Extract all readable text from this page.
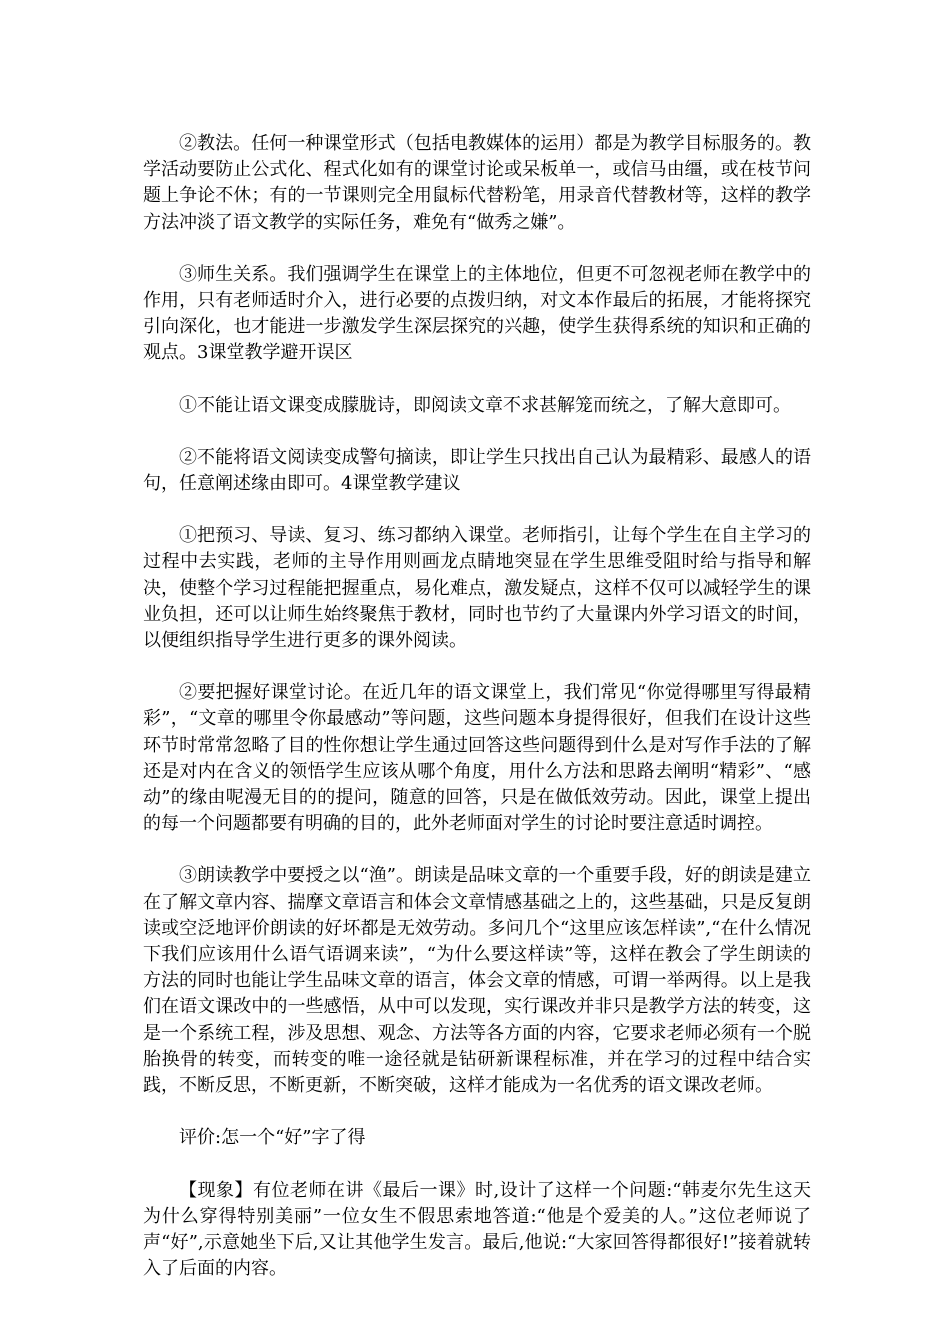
②教法。任何一种课堂形式（包括电教媒体的运用）都是为教学目标服务的。教学活动要防止公式化、程式化如有的课堂讨论或呆板单一，或信马由缰，或在枝节问题上争论不休；有的一节课则完全用鼠标代替粉笔，用录音代替教材等，这样的教学方法冲淡了语文教学的实际任务，难免有“做秀之嫌”。

③师生关系。我们强调学生在课堂上的主体地位，但更不可忽视老师在教学中的作用，只有老师适时介入，进行必要的点拨归纳，对文本作最后的拓展，才能将探究引向深化，也才能进一步激发学生深层探究的兴趣，使学生获得系统的知识和正确的观点。3课堂教学避开误区

①不能让语文课变成朦胧诗，即阅读文章不求甚解笼而统之，了解大意即可。

②不能将语文阅读变成警句摘读，即让学生只找出自己认为最精彩、最感人的语句，任意阐述缘由即可。4课堂教学建议

①把预习、导读、复习、练习都纳入课堂。老师指引，让每个学生在自主学习的过程中去实践，老师的主导作用则画龙点睛地突显在学生思维受阻时给与指导和解决，使整个学习过程能把握重点，易化难点，激发疑点，这样不仅可以减轻学生的课业负担，还可以让师生始终聚焦于教材，同时也节约了大量课内外学习语文的时间，以便组织指导学生进行更多的课外阅读。

②要把握好课堂讨论。在近几年的语文课堂上，我们常见“你觉得哪里写得最精彩”，“文章的哪里令你最感动”等问题，这些问题本身提得很好，但我们在设计这些环节时常常忽略了目的性你想让学生通过回答这些问题得到什么是对写作手法的了解还是对内在含义的领悟学生应该从哪个角度，用什么方法和思路去阐明“精彩”、“感动”的缘由呢漫无目的的提问，随意的回答，只是在做低效劳动。因此，课堂上提出的每一个问题都要有明确的目的，此外老师面对学生的讨论时要注意适时调控。

③朗读教学中要授之以“渔”。朗读是品味文章的一个重要手段，好的朗读是建立在了解文章内容、揣摩文章语言和体会文章情感基础之上的，这些基础，只是反复朗读或空泛地评价朗读的好坏都是无效劳动。多问几个“这里应该怎样读”,“在什么情况下我们应该用什么语气语调来读”，“为什么要这样读”等，这样在教会了学生朗读的方法的同时也能让学生品味文章的语言，体会文章的情感，可谓一举两得。以上是我们在语文课改中的一些感悟，从中可以发现，实行课改并非只是教学方法的转变，这是一个系统工程，涉及思想、观念、方法等各方面的内容，它要求老师必须有一个脱胎换骨的转变，而转变的唯一途径就是钻研新课程标准，并在学习的过程中结合实践，不断反思，不断更新，不断突破，这样才能成为一名优秀的语文课改老师。

评价:怎一个“好”字了得

【现象】有位老师在讲《最后一课》时,设计了这样一个问题:“韩麦尔先生这天为什么穿得特别美丽”一位女生不假思索地答道:“他是个爱美的人。”这位老师说了声“好”,示意她坐下后,又让其他学生发言。最后,他说:“大家回答得都很好!”接着就转入了后面的内容。
